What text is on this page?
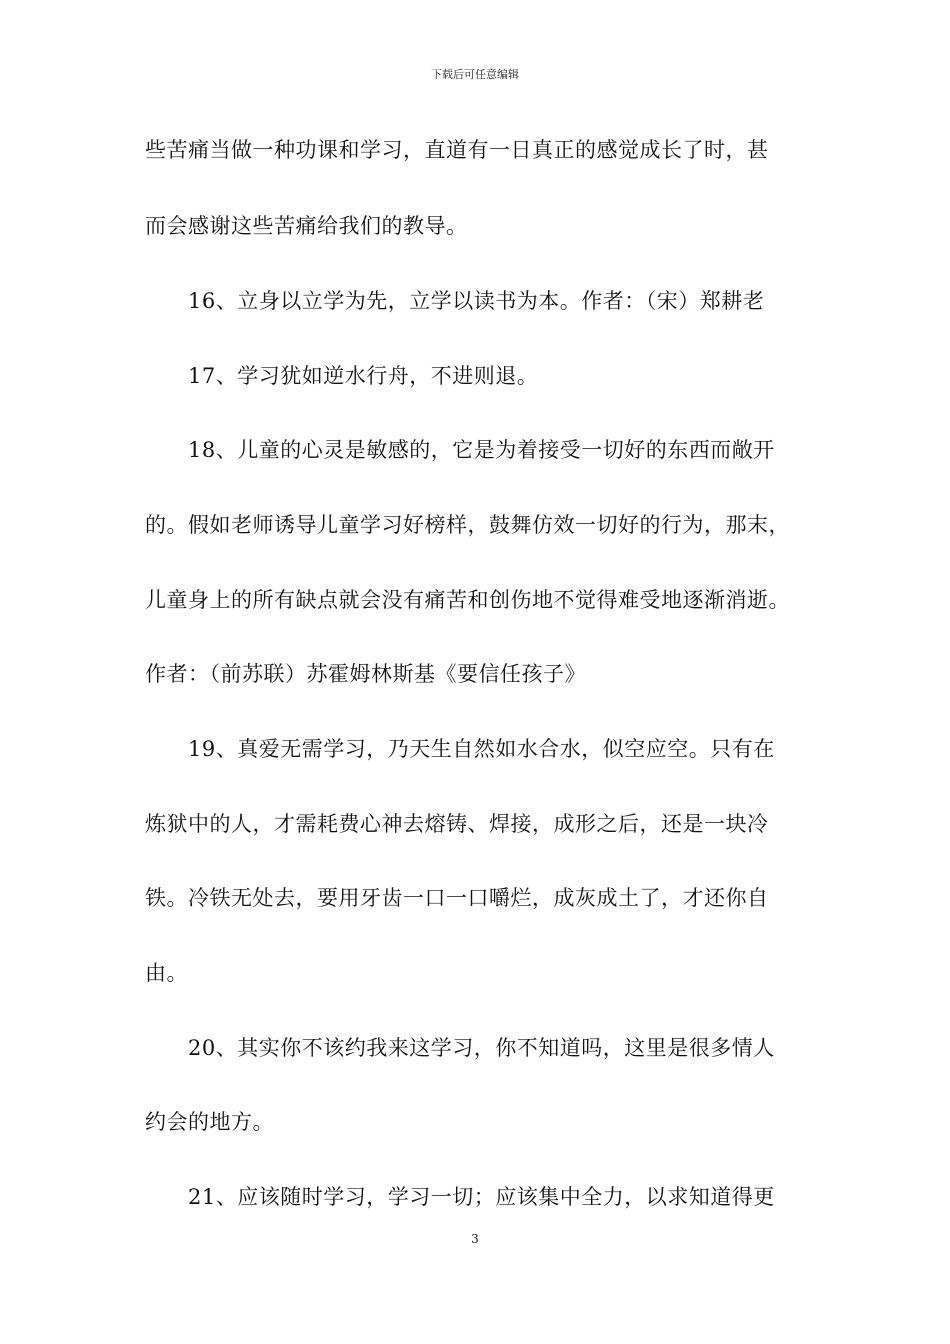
下载后可任意编辑
些苦痛当做一种功课和学习，直道有一日真正的感觉成长了时，甚
而会感谢这些苦痛给我们的教导。
16、立身以立学为先，立学以读书为本。作者：（宋）郑耕老
17、学习犹如逆水行舟，不进则退。
18、儿童的心灵是敏感的，它是为着接受一切好的东西而敞开
的。假如老师诱导儿童学习好榜样，鼓舞仿效一切好的行为，那末，
儿童身上的所有缺点就会没有痛苦和创伤地不觉得难受地逐渐消逝。
作者：（前苏联）苏霍姆林斯基《要信任孩子》
19、真爱无需学习，乃天生自然如水合水，似空应空。只有在
炼狱中的人，才需耗费心神去熔铸、焊接，成形之后，还是一块冷
铁。冷铁无处去，要用牙齿一口一口嚼烂，成灰成土了，才还你自
由。
20、其实你不该约我来这学习，你不知道吗，这里是很多情人
约会的地方。
21、应该随时学习，学习一切；应该集中全力，以求知道得更
3
